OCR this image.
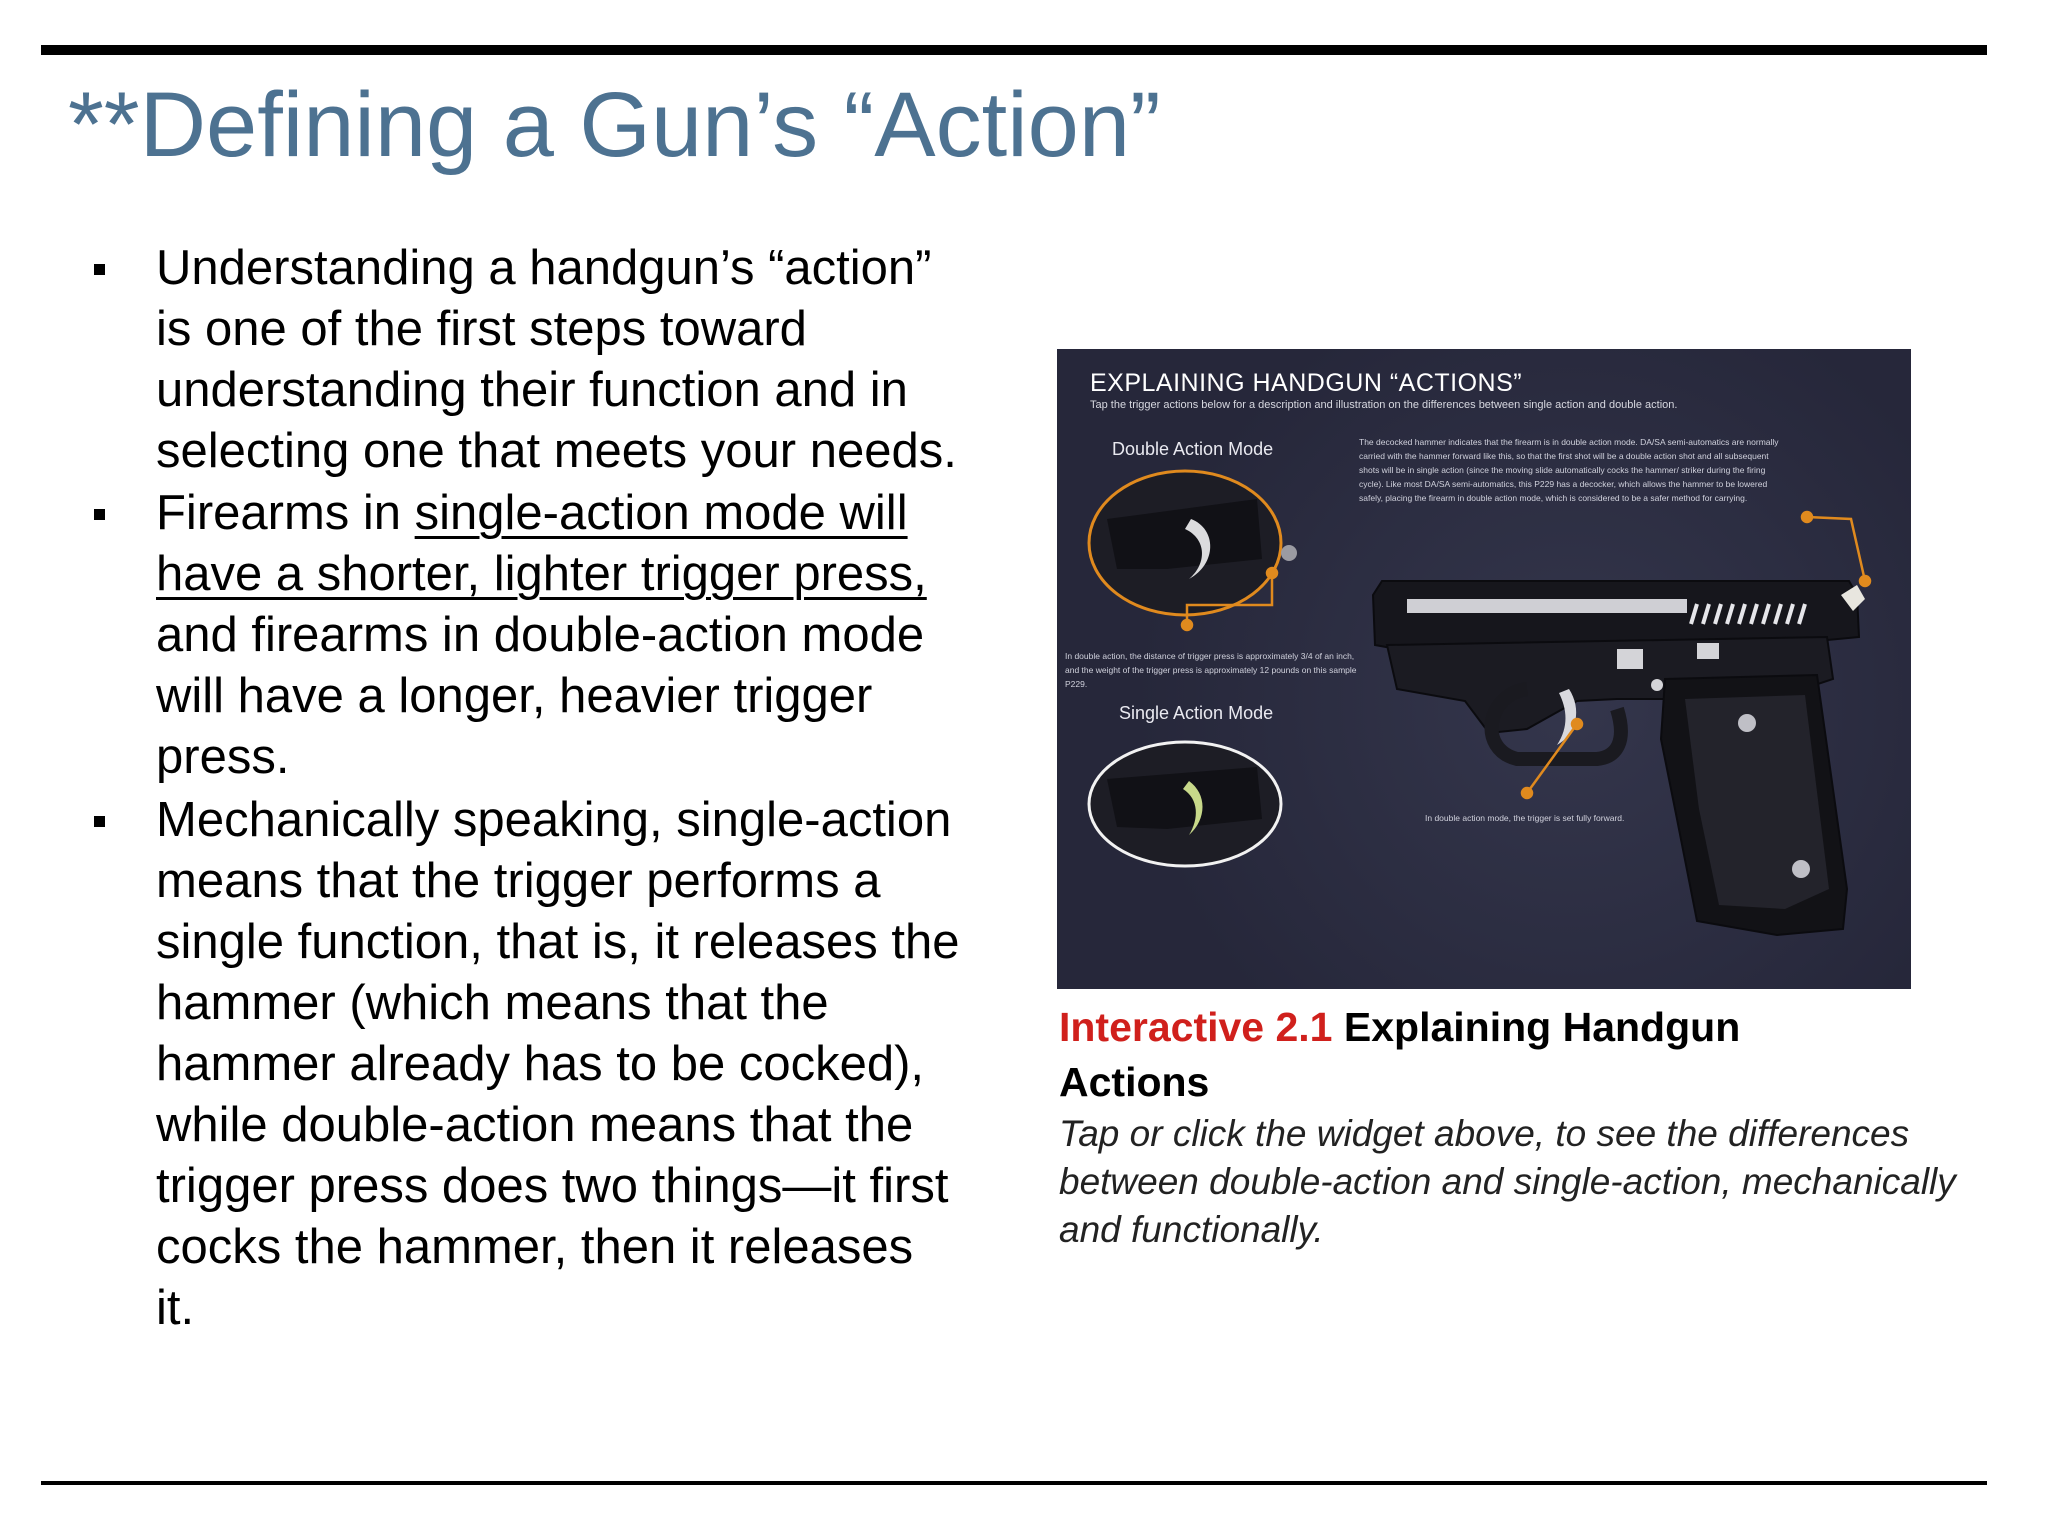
**Defining a Gun’s “Action”
Understanding a handgun’s “action”
is one of the first steps toward
understanding their function and in
selecting one that meets your needs.
Firearms in single-action mode will
have a shorter, lighter trigger press,
and firearms in double-action mode
will have a longer, heavier trigger
press.
Mechanically speaking, single-action
means that the trigger performs a
single function, that is, it releases the
hammer (which means that the
hammer already has to be cocked),
while double-action means that the
trigger press does two things—it first
cocks the hammer, then it releases
it.
EXPLAINING HANDGUN “ACTIONS”
Tap the trigger actions below for a description and illustration on the differences between single action and double action.
Double Action Mode
Single Action Mode
The decocked hammer indicates that the firearm is in double action mode. DA/SA semi-automatics are normally carried with the hammer forward like this, so that the first shot will be a double action shot and all subsequent shots will be in single action (since the moving slide automatically cocks the hammer/ striker during the firing cycle). Like most DA/SA semi-automatics, this P229 has a decocker, which allows the hammer to be lowered safely, placing the firearm in double action mode, which is considered to be a safer method for carrying.
In double action, the distance of trigger press is approximately 3/4 of an inch, and the weight of the trigger press is approximately 12 pounds on this sample P229.
In double action mode, the trigger is set fully forward.
Interactive 2.1 Explaining Handgun Actions
Tap or click the widget above, to see the differences between double-action and single-action, mechanically and functionally.
